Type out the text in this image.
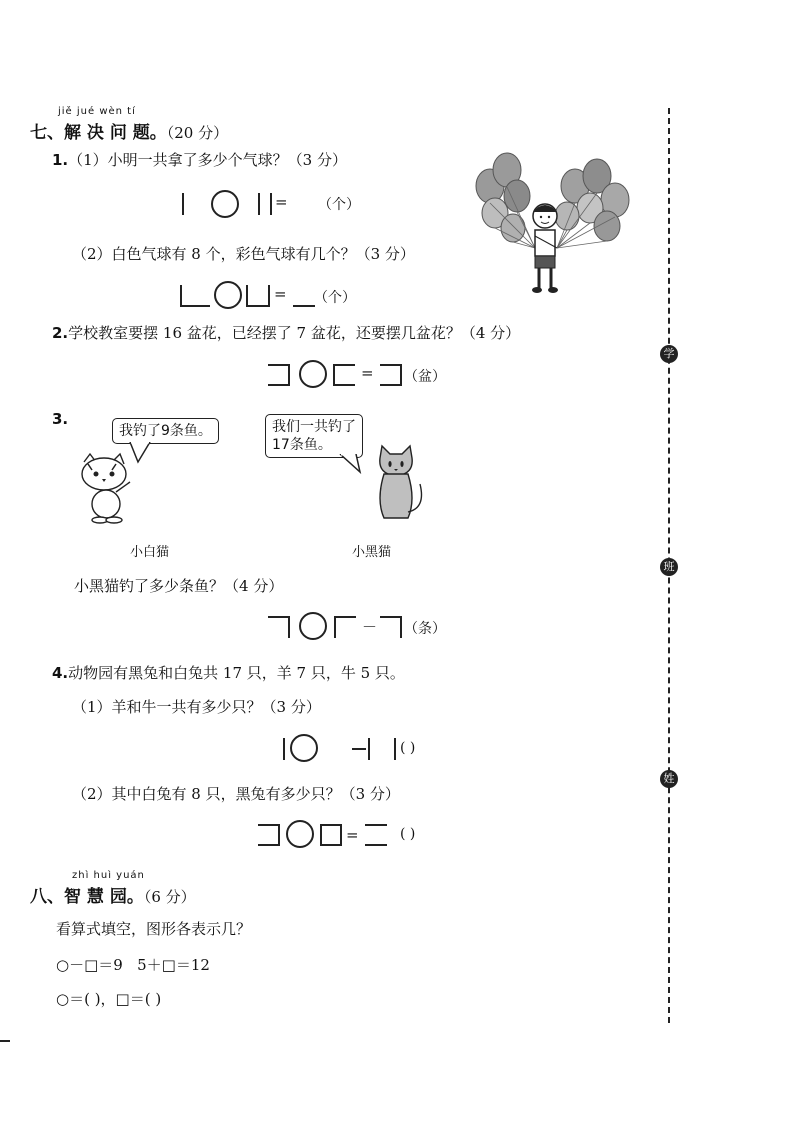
jiě jué wèn tí
七、解 决 问 题。（20 分）
1.（1）小明一共拿了多少个气球？（3 分）
= （个）
（2）白色气球有 8 个，彩色气球有几个？（3 分）
= （个）
2.学校教室要摆 16 盆花，已经摆了 7 盆花，还要摆几盆花？（4 分）
= （盆）
3.
我钓了9条鱼。	我们一共钓了
17条鱼。
小白猫	小黑猫
小黑猫钓了多少条鱼？（4 分）
－ （条）
4.动物园有黑兔和白兔共 17 只，羊 7 只，牛 5 只。
（1）羊和牛一共有多少只？（3 分）
( )
（2）其中白兔有 8 只，黑兔有多少只？（3 分）
=	( )
zhì huì yuán
八、智 慧 园。（6 分）
看算式填空，图形各表示几？
○－□＝9 5＋□＝12
○＝( )，□＝( )
学
班
姓
